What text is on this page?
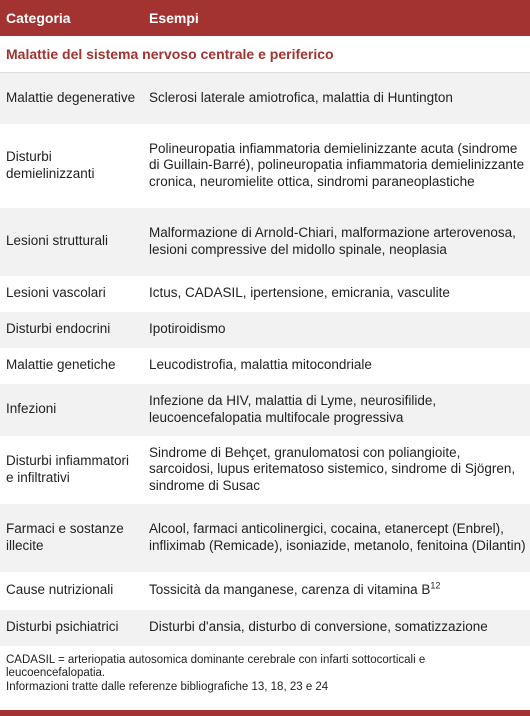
Categoria	Esempi
Malattie del sistema nervoso centrale e periferico	
Malattie degenerative	Sclerosi laterale amiotrofica, malattia di Huntington
Disturbi demielinizzanti	Polineuropatia infiammatoria demielinizzante acuta (sindrome di Guillain-Barré), polineuropatia infiammatoria demielinizzante cronica, neuromielite ottica, sindromi paraneoplastiche
Lesioni strutturali	Malformazione di Arnold-Chiari, malformazione arterovenosa, lesioni compressive del midollo spinale, neoplasia
Lesioni vascolari	Ictus, CADASIL, ipertensione, emicrania, vasculite
Disturbi endocrini	Ipotiroidismo
Malattie genetiche	Leucodistrofia, malattia mitocondriale
Infezioni	Infezione da HIV, malattia di Lyme, neurosifilide, leucoencefalopatia multifocale progressiva
Disturbi infiammatori e infiltrativi	Sindrome di Behçet, granulomatosi con poliangioite, sarcoidosi, lupus eritematoso sistemico, sindrome di Sjögren, sindrome di Susac
Farmaci e sostanze illecite	Alcool, farmaci anticolinergici, cocaina, etanercept (Enbrel), infliximab (Remicade), isoniazide, metanolo, fenitoina (Dilantin)
Cause nutrizionali	Tossicità da manganese, carenza di vitamina $B^{12}$
Disturbi psichiatrici	Disturbi d'ansia, disturbo di conversione, somatizzazione
CADASIL = arteriopatia autosomica dominante cerebrale con infarti sottocorticali e leucoencefalopatia.
Informazioni tratte dalle referenze bibliografiche 13, 18, 23 e 24
